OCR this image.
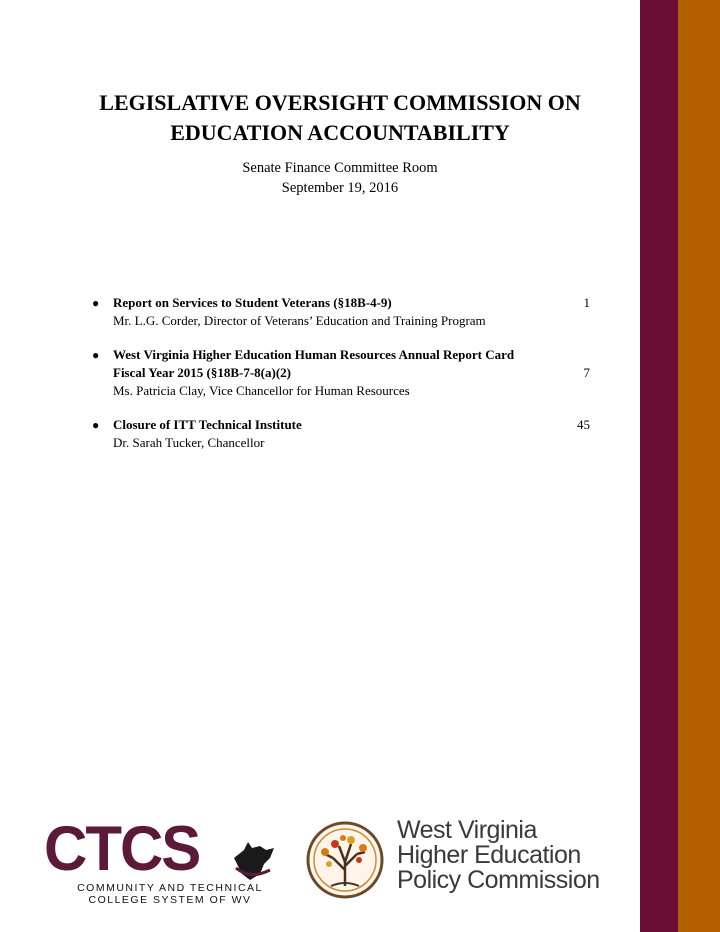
LEGISLATIVE OVERSIGHT COMMISSION ON
EDUCATION ACCOUNTABILITY
Senate Finance Committee Room
September 19, 2016
● Report on Services to Student Veterans (§18B-4-9)
Mr. L.G. Corder, Director of Veterans’ Education and Training Program
1
● West Virginia Higher Education Human Resources Annual Report Card
Fiscal Year 2015 (§18B-7-8(a)(2)
Ms. Patricia Clay, Vice Chancellor for Human Resources
7
● Closure of ITT Technical Institute
Dr. Sarah Tucker, Chancellor
45
CTCS
COMMUNITY AND TECHNICAL
COLLEGE SYSTEM OF WV
West Virginia
Higher Education
Policy Commission
